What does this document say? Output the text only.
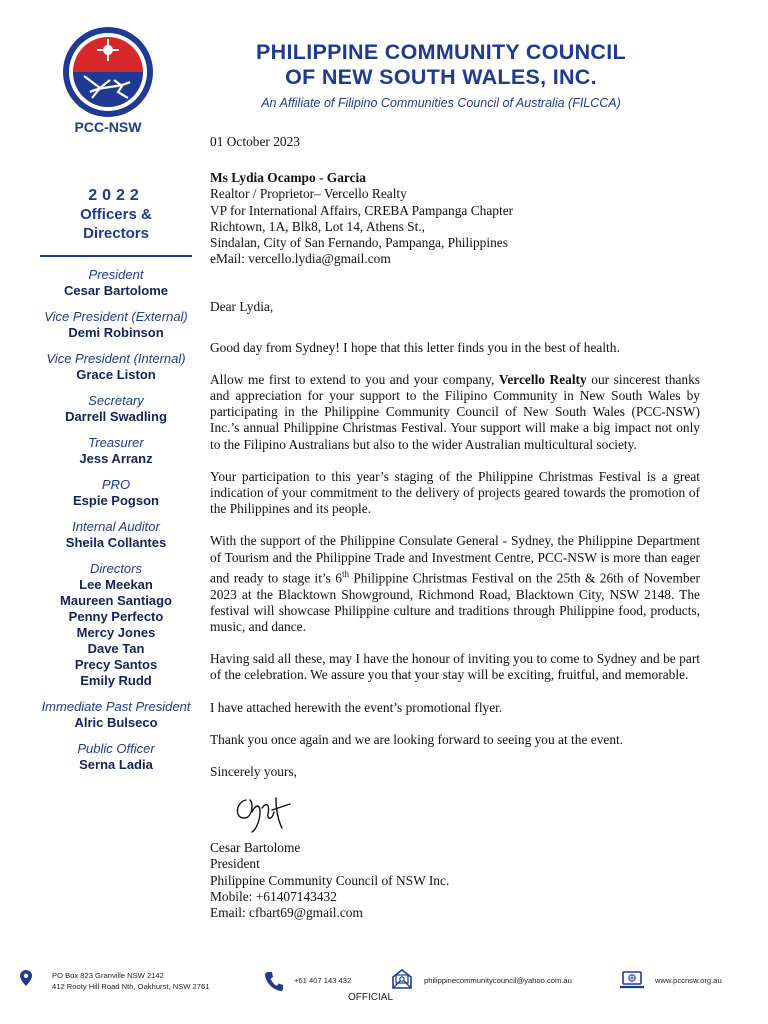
PCC-NSW
PHILIPPINE COMMUNITY COUNCIL
OF NEW SOUTH WALES, INC.
An Affiliate of Filipino Communities Council of Australia (FILCCA)
2022
Officers &
Directors
President
Cesar Bartolome
Vice President (External)
Demi Robinson
Vice President (Internal)
Grace Liston
Secretary
Darrell Swadling
Treasurer
Jess Arranz
PRO
Espie Pogson
Internal Auditor
Sheila Collantes
Directors
Lee Meekan
Maureen Santiago
Penny Perfecto
Mercy Jones
Dave Tan
Precy Santos
Emily Rudd
Immediate Past President
Alric Bulseco
Public Officer
Serna Ladia

01 October 2023

Ms Lydia Ocampo - Garcia

Realtor / Proprietor– Vercello Realty

VP for International Affairs, CREBA Pampanga Chapter

Richtown, 1A, Blk8, Lot 14, Athens St.,

Sindalan, City of San Fernando, Pampanga, Philippines

eMail: vercello.lydia@gmail.com

Dear Lydia,

Good day from Sydney! I hope that this letter finds you in the best of health.

Allow me first to extend to you and your company, Vercello Realty our sincerest thanks and appreciation for your support to the Filipino Community in New South Wales by participating in the Philippine Community Council of New South Wales (PCC-NSW) Inc.’s annual Philippine Christmas Festival. Your support will make a big impact not only to the Filipino Australians but also to the wider Australian multicultural society.

Your participation to this year’s staging of the Philippine Christmas Festival is a great indication of your commitment to the delivery of projects geared towards the promotion of the Philippines and its people.

With the support of the Philippine Consulate General - Sydney, the Philippine Department of Tourism and the Philippine Trade and Investment Centre, PCC-NSW is more than eager and ready to stage it’s 6th Philippine Christmas Festival on the 25th & 26th of November 2023 at the Blacktown Showground, Richmond Road, Blacktown City, NSW 2148. The festival will showcase Philippine culture and traditions through Philippine food, products, music, and dance.

Having said all these, may I have the honour of inviting you to come to Sydney and be part of the celebration. We assure you that your stay will be exciting, fruitful, and memorable.

I have attached herewith the event’s promotional flyer.

Thank you once again and we are looking forward to seeing you at the event.

Sincerely yours,

Cesar Bartolome

President

Philippine Community Council of NSW Inc.

Mobile: +61407143432

Email: cfbart69@gmail.com

PO Box 823 Granville NSW 2142
412 Rooty Hill Road Nth, Oakhurst, NSW 2761
+61 407 143 432
OFFICIAL
philippinecommunitycouncil@yahoo.com.au	www.pccnsw.org.au
